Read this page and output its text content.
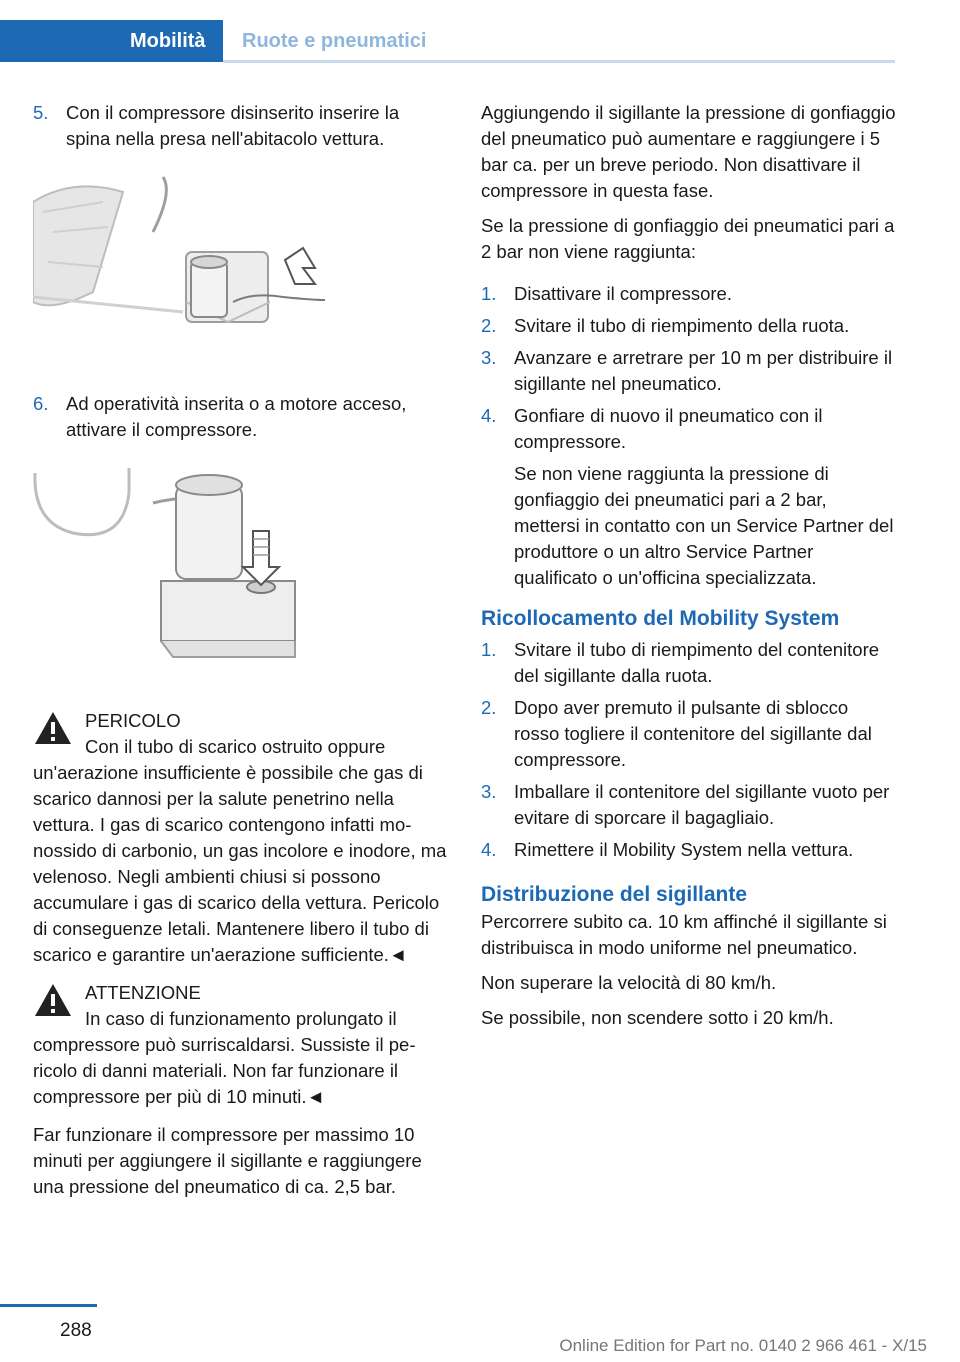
Mobilità	Ruote e pneumatici
5. Con il compressore disinserito inserire la spina nella presa nell'abitacolo vettura.
6. Ad operatività inserita o a motore acceso, attivare il compressore.
PERICOLO
Con il tubo di scarico ostruito oppure
un'aerazione insufficiente è possibile che gas di scarico dannosi per la salute penetrino nella vettura. I gas di scarico contengono infatti monossido di carbonio, un gas incolore e inodore, ma velenoso. Negli ambienti chiusi si possono accumulare i gas di scarico della vettura. Pericolo di conseguenze letali. Mantenere libero il tubo di scarico e garantire un'aerazione sufficiente.◄
ATTENZIONE
In caso di funzionamento prolungato il
compressore può surriscaldarsi. Sussiste il pericolo di danni materiali. Non far funzionare il compressore per più di 10 minuti.◄

Far funzionare il compressore per massimo 10 minuti per aggiungere il sigillante e raggiungere una pressione del pneumatico di ca. 2,5 bar.

Aggiungendo il sigillante la pressione di gonfiaggio del pneumatico può aumentare e raggiungere i 5 bar ca. per un breve periodo. Non disattivare il compressore in questa fase.

Se la pressione di gonfiaggio dei pneumatici pari a 2 bar non viene raggiunta:

1. Disattivare il compressore.
2. Svitare il tubo di riempimento della ruota.
3. Avanzare e arretrare per 10 m per distribuire il sigillante nel pneumatico.
4. Gonfiare di nuovo il pneumatico con il compressore.

Se non viene raggiunta la pressione di gonfiaggio dei pneumatici pari a 2 bar, mettersi in contatto con un Service Partner del produttore o un altro Service Partner qualificato o un'officina specializzata.

Ricollocamento del Mobility System
1. Svitare il tubo di riempimento del contenitore del sigillante dalla ruota.
2. Dopo aver premuto il pulsante di sblocco rosso togliere il contenitore del sigillante dal compressore.
3. Imballare il contenitore del sigillante vuoto per evitare di sporcare il bagagliaio.
4. Rimettere il Mobility System nella vettura.
Distribuzione del sigillante

Percorrere subito ca. 10 km affinché il sigillante si distribuisca in modo uniforme nel pneumatico.

Non superare la velocità di 80 km/h.

Se possibile, non scendere sotto i 20 km/h.

288
Online Edition for Part no. 0140 2 966 461 - X/15
